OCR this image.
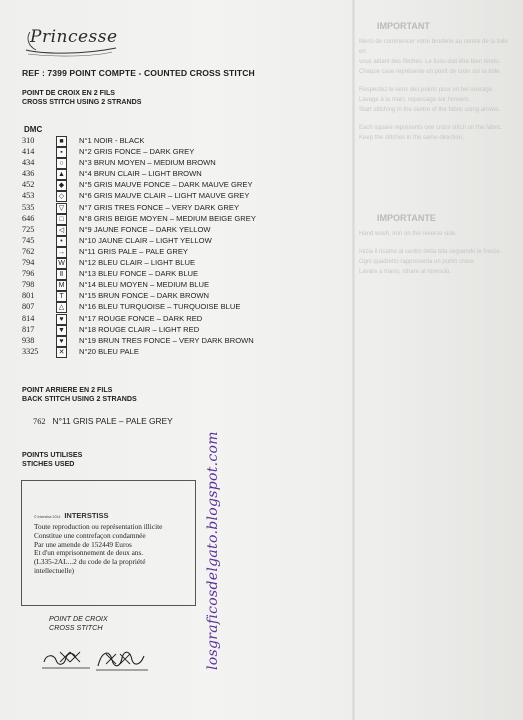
IMPORTANT
Merci de commencer votre broderie au centre de la toile en
vous aidant des flèches. Le tissu doit être bien tendu.
Chaque case représente un point de croix sur la toile.
Respectez le sens des points pour un bel ouvrage.
Lavage à la main, repassage sur l'envers.
Start stitching in the centre of the fabric using arrows.
Each square represents one cross stitch on the fabric.
Keep the stitches in the same direction.
IMPORTANTE
Hand wash, iron on the reverse side.
Inizia il ricamo al centro della tela seguendo le frecce.
Ogni quadretto rappresenta un punto croce.
Lavare a mano, stirare al rovescio.
Princesse
REF : 7399 POINT COMPTE - COUNTED CROSS STITCH
POINT DE CROIX EN 2 FILS
CROSS STITCH USING 2 STRANDS
DMC
310	■	N°1 NOIR - BLACK
414	▪	N°2 GRIS FONCE – DARK GREY
434	○	N°3 BRUN MOYEN – MEDIUM BROWN
436	▲ N°4 BRUN CLAIR – LIGHT BROWN
452	◆	N°5 GRIS MAUVE FONCE – DARK MAUVE GREY
453	◇	N°6 GRIS MAUVE CLAIR – LIGHT MAUVE GREY
535	▽	N°7 GRIS TRES FONCE – VERY DARK GREY
646	□	N°8 GRIS BEIGE MOYEN – MEDIUM BEIGE GREY
725	◁	N°9 JAUNE FONCE – DARK YELLOW
745	•	N°10 JAUNE CLAIR – LIGHT YELLOW
762	→ N°11 GRIS PALE – PALE GREY
794	W N°12 BLEU CLAIR – LIGHT BLUE
796	Ⅱ	N°13 BLEU FONCE – DARK BLUE
798	M	N°14 BLEU MOYEN – MEDIUM BLUE
801	T	N°15 BRUN FONCE – DARK BROWN
807	△	N°16 BLEU TURQUOISE – TURQUOISE BLUE
814	♥	N°17 ROUGE FONCE – DARK RED
817	▼ N°18 ROUGE CLAIR – LIGHT RED
938	♥	N°19 BRUN TRES FONCE – VERY DARK BROWN
3325	✕	N°20 BLEU PALE
POINT ARRIERE EN 2 FILS
BACK STITCH USING 2 STRANDS
762 N°11 GRIS PALE – PALE GREY
POINTS UTILISES
STICHES USED
© Interstiss 2014 INTERSTISS
Toute reproduction ou représentation illicite
Constitue une contrefaçon condamnée
Par une amende de 152449 Euros
Et d'un emprisonnement de deux ans.
(L335-2AL...2 du code de la propriété
intellectuelle)
POINT DE CROIX
CROSS STITCH	losgraficosdelgato.blogspot.com
